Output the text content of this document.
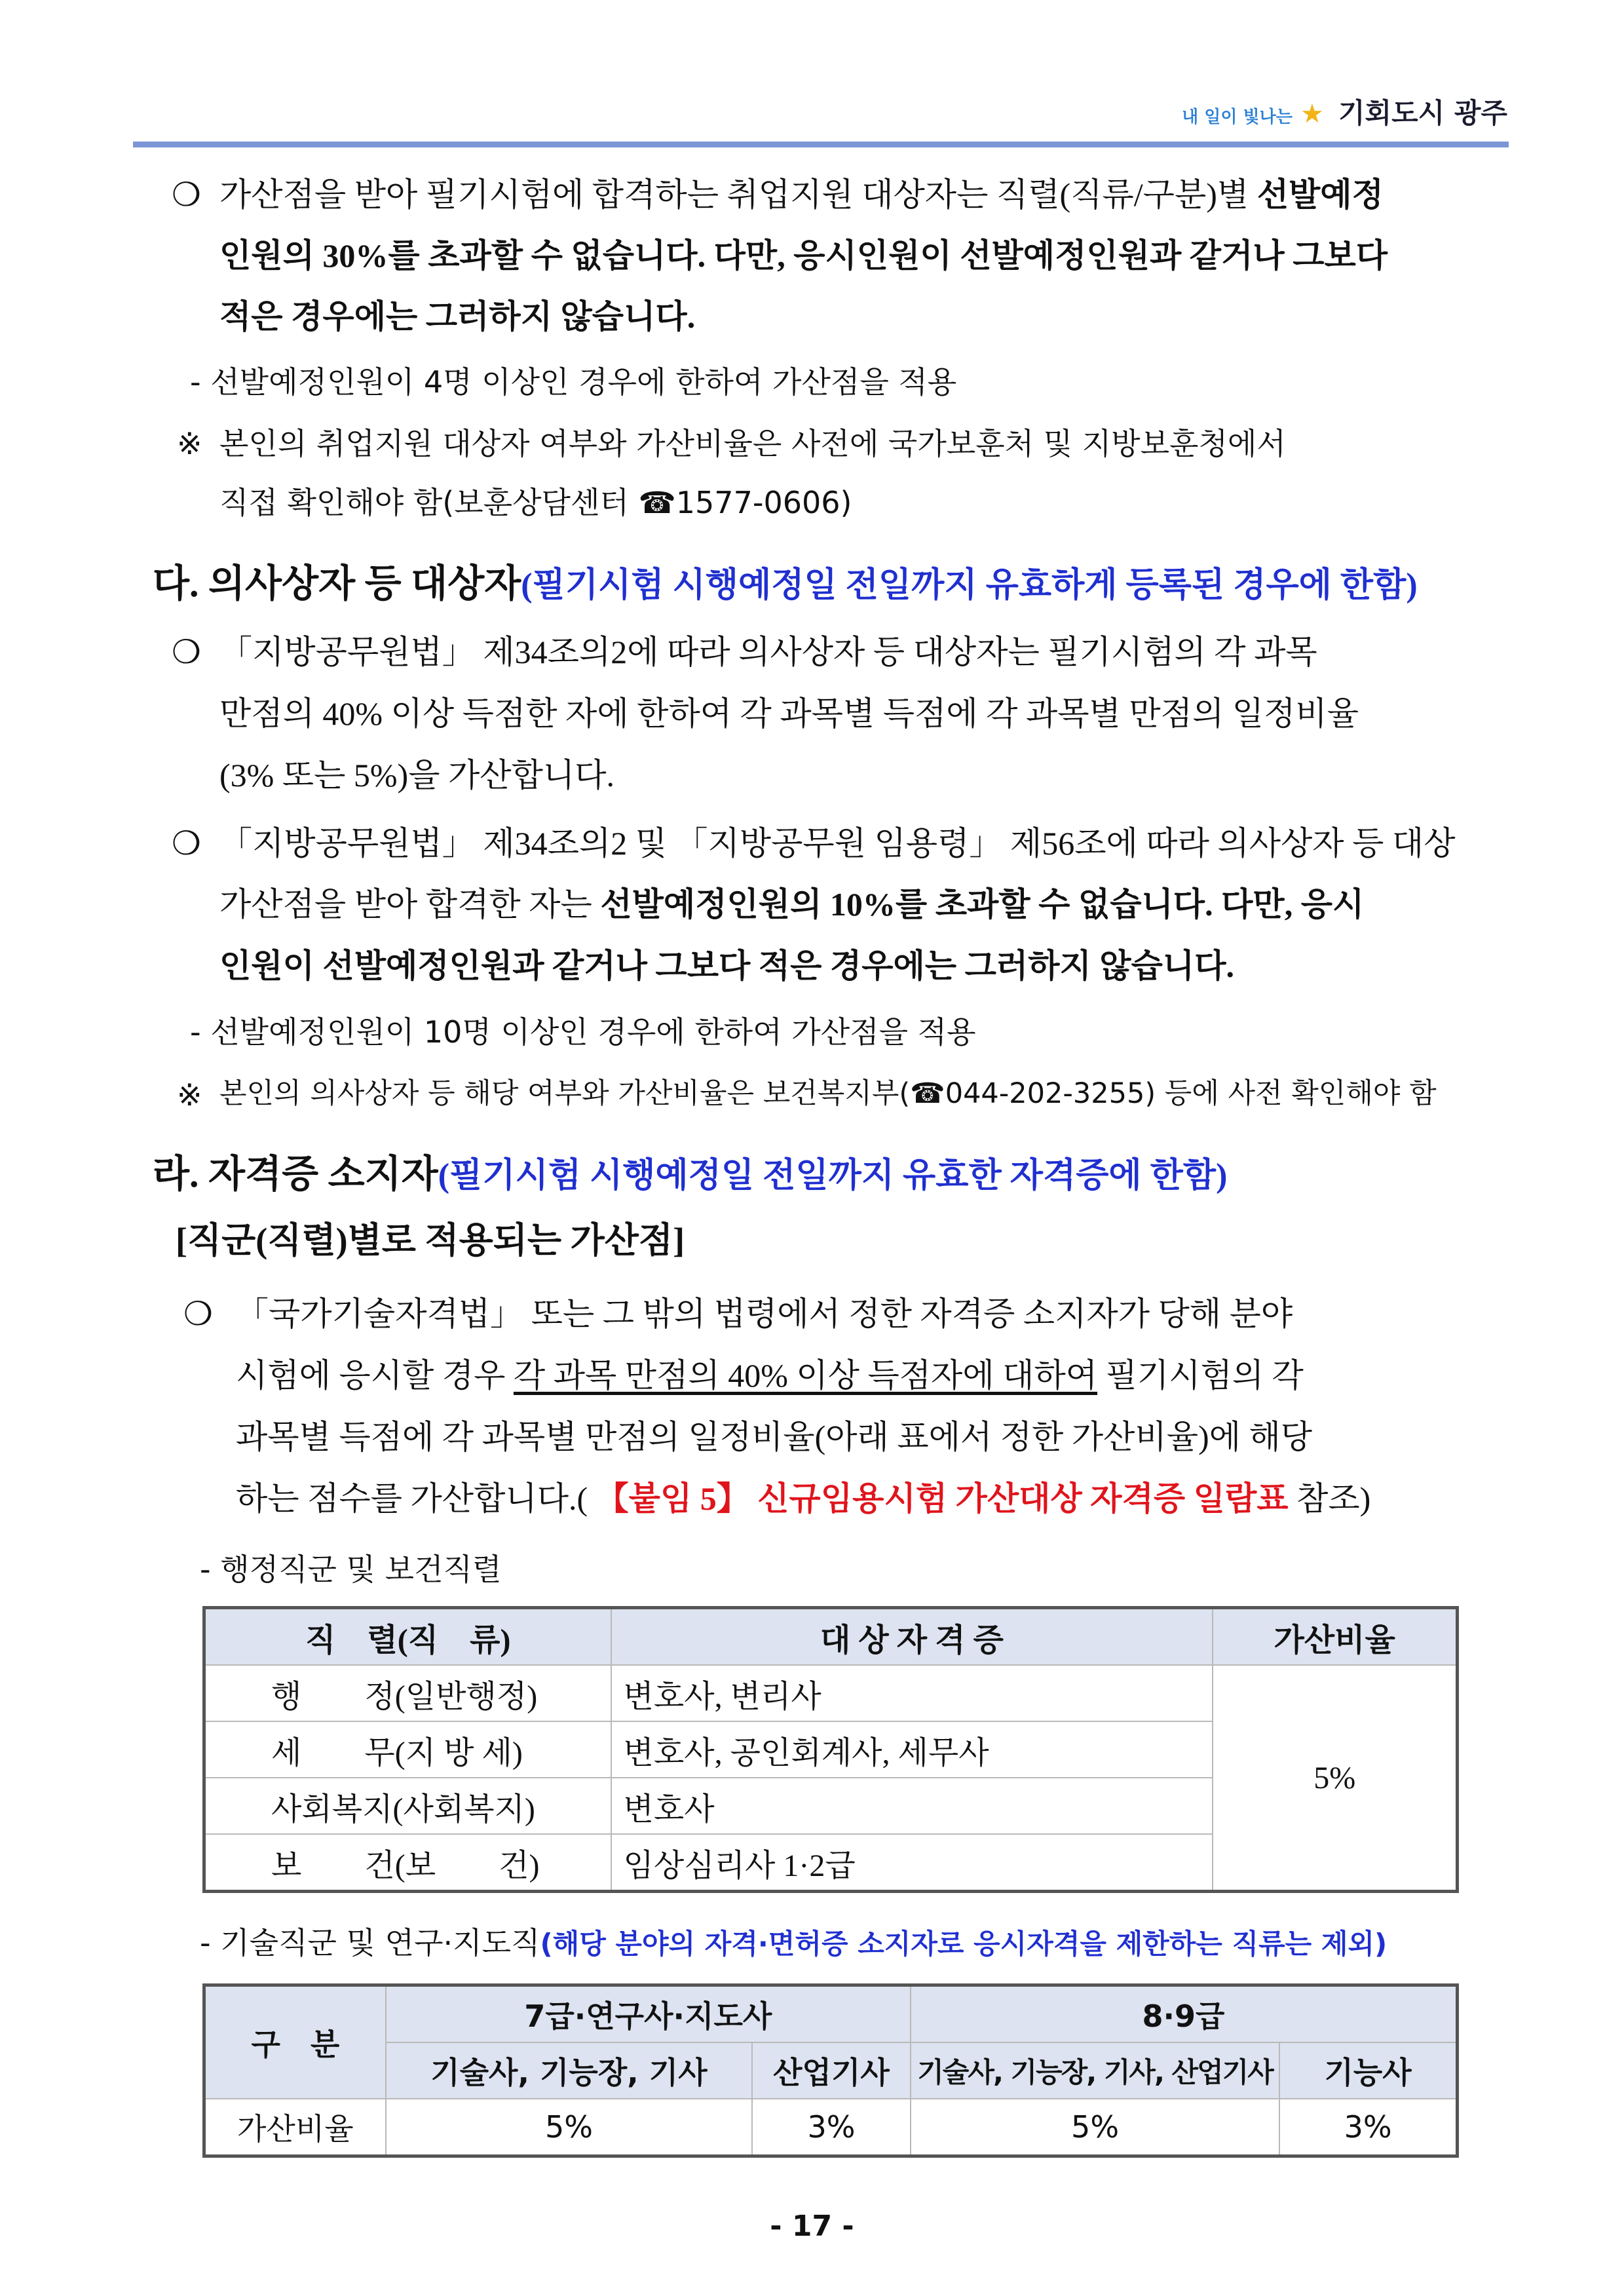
내 일이 빛나는 ★ 기회도시 광주
❍ 가산점을 받아 필기시험에 합격하는 취업지원 대상자는 직렬(직류/구분)별 선발예정
인원의 30%를 초과할 수 없습니다. 다만, 응시인원이 선발예정인원과 같거나 그보다
적은 경우에는 그러하지 않습니다.
- 선발예정인원이 4명 이상인 경우에 한하여 가산점을 적용
※ 본인의 취업지원 대상자 여부와 가산비율은 사전에 국가보훈처 및 지방보훈청에서
직접 확인해야 함(보훈상담센터 ☎1577-0606)
다. 의사상자 등 대상자(필기시험 시행예정일 전일까지 유효하게 등록된 경우에 한함)
❍ 「지방공무원법」 제34조의2에 따라 의사상자 등 대상자는 필기시험의 각 과목
만점의 40% 이상 득점한 자에 한하여 각 과목별 득점에 각 과목별 만점의 일정비율
(3% 또는 5%)을 가산합니다.
❍ 「지방공무원법」 제34조의2 및 「지방공무원 임용령」 제56조에 따라 의사상자 등 대상
가산점을 받아 합격한 자는 선발예정인원의 10%를 초과할 수 없습니다. 다만, 응시
인원이 선발예정인원과 같거나 그보다 적은 경우에는 그러하지 않습니다.
- 선발예정인원이 10명 이상인 경우에 한하여 가산점을 적용
※ 본인의 의사상자 등 해당 여부와 가산비율은 보건복지부(☎044-202-3255) 등에 사전 확인해야 함
라. 자격증 소지자(필기시험 시행예정일 전일까지 유효한 자격증에 한함)
[직군(직렬)별로 적용되는 가산점]
❍ 「국가기술자격법」 또는 그 밖의 법령에서 정한 자격증 소지자가 당해 분야
시험에 응시할 경우 각 과목 만점의 40% 이상 득점자에 대하여 필기시험의 각
과목별 득점에 각 과목별 만점의 일정비율(아래 표에서 정한 가산비율)에 해당
하는 점수를 가산합니다.( 【붙임 5】 신규임용시험 가산대상 자격증 일람표 참조)
- 행정직군 및 보건직렬
직　렬(직　류)	대 상 자 격 증	가산비율
행　　정(일반행정)	변호사, 변리사	5%
세　　무(지 방 세)	변호사, 공인회계사, 세무사	
사회복지(사회복지)	변호사	
보　　건(보　　건)	임상심리사 1·2급	
- 기술직군 및 연구·지도직(해당 분야의 자격·면허증 소지자로 응시자격을 제한하는 직류는 제외)
구　분	7급·연구사·지도사		8·9급	
	기술사, 기능장, 기사	산업기사	기술사, 기능장, 기사, 산업기사	기능사
가산비율	5%	3%	5%	3%
- 17 -
